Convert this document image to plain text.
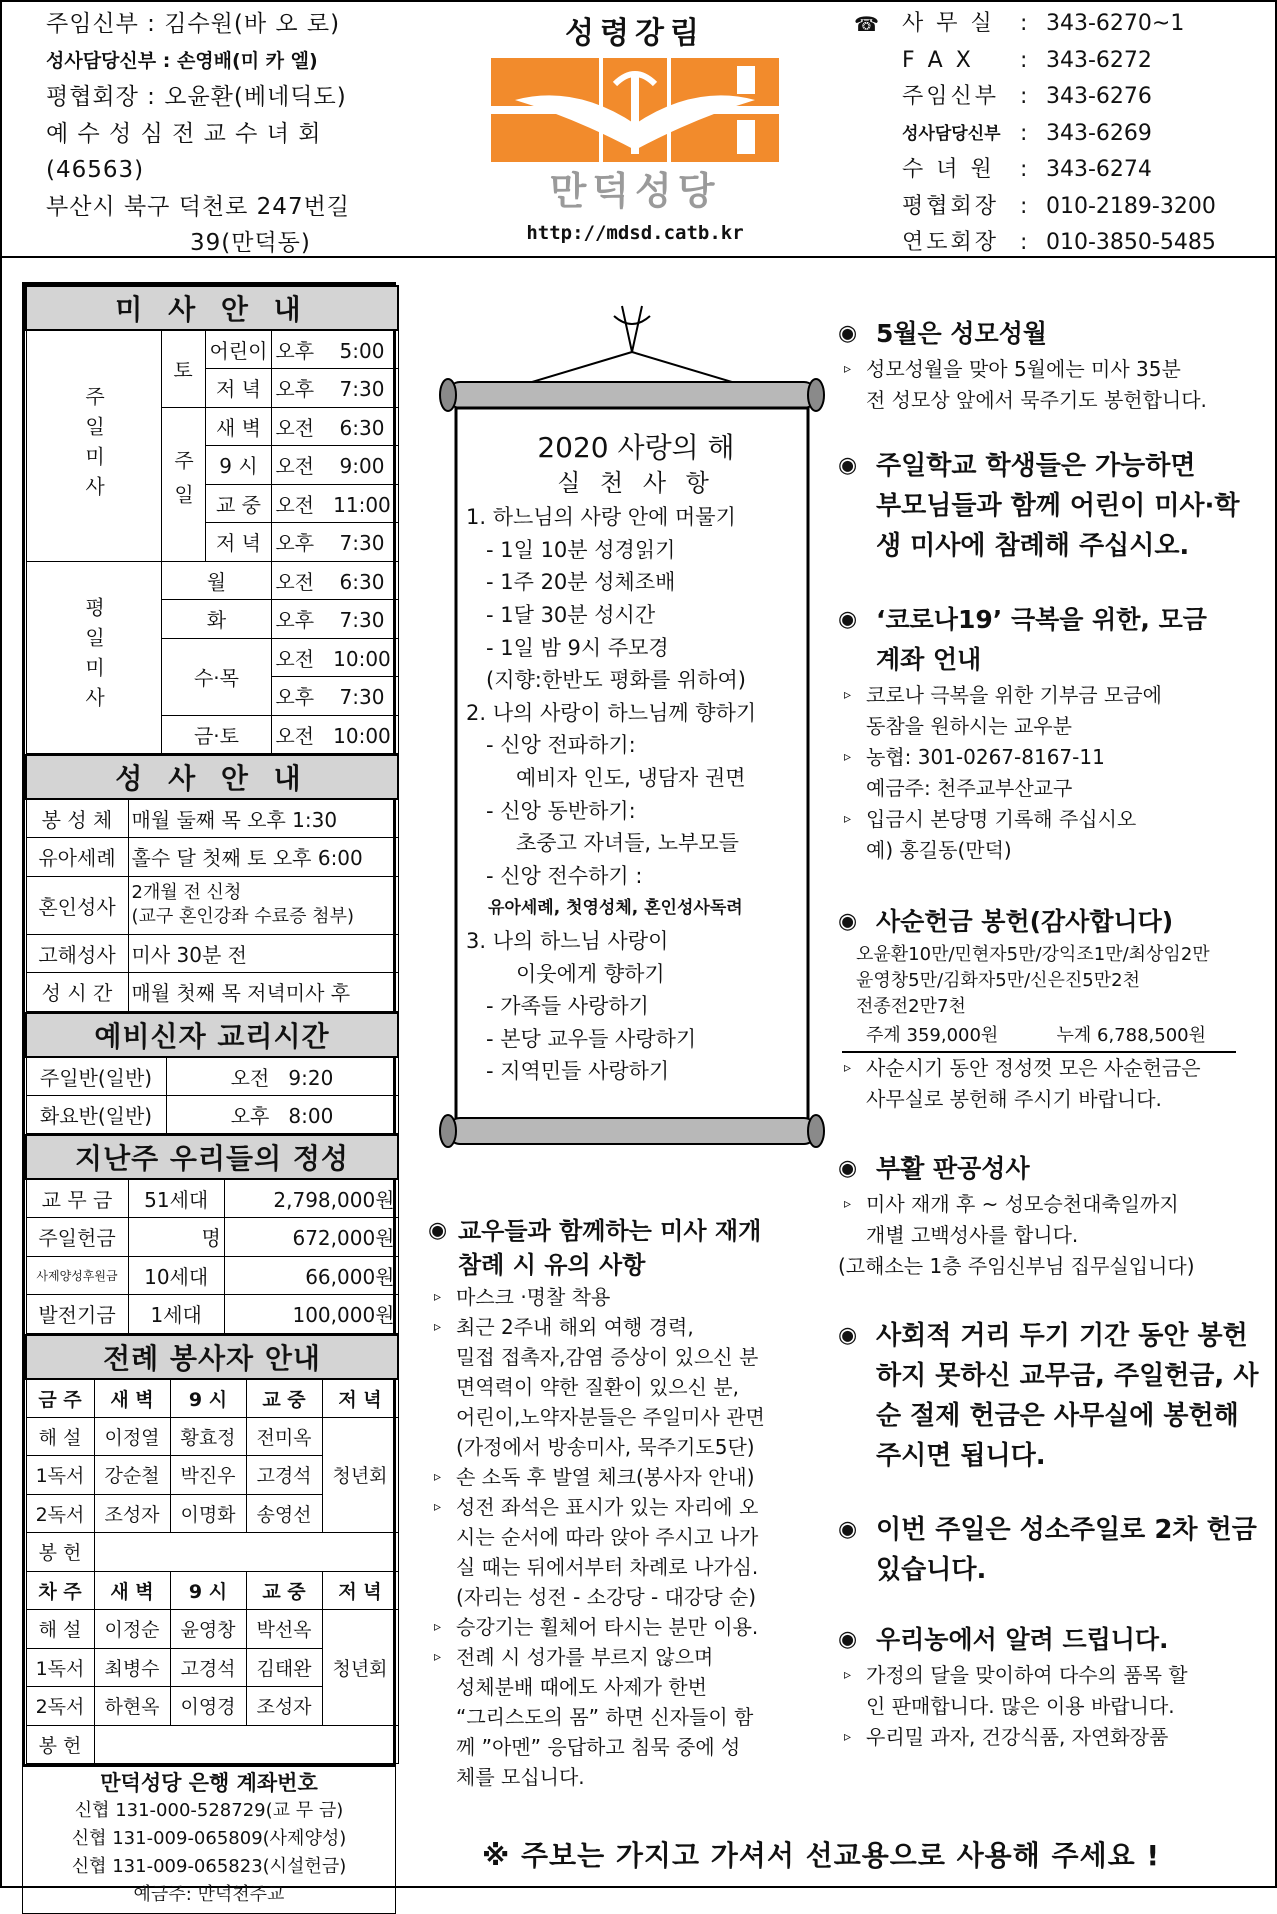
주임신부 : 김수원(바 오 로)
성사담당신부 : 손영배(미 카 엘)
평협회장 : 오윤환(베네딕도)
예 수 성 심 전 교 수 녀 회
(46563)
부산시 북구 덕천로 247번길
39(만덕동)
성령강림
만덕성당
http://mdsd.catb.kr
☎	사 무 실	: 343-6270~1
F A X	: 343-6272
주임신부 : 343-6276
성사담당신부 : 343-6269
수 녀 원	: 343-6274
평협회장 : 010-2189-3200
연도회장 : 010-3850-5485
미 사 안 내			
주일미사	토	어린이	오후 5:00
		저 녁	오후 7:30
	주일	새 벽	오전 6:30
		9 시	오전 9:00
		교 중	오전 11:00
		저 녁	오후 7:30
평일미사	월		오전 6:30
	화		오후 7:30
	수·목		오전 10:00
			오후 7:30
	금·토		오전 10:00
성 사 안 내	
봉 성 체	매월 둘째 목 오후 1:30
유아세례	홀수 달 첫째 토 오후 6:00
혼인성사	2개월 전 신청
(교구 혼인강좌 수료증 첨부)

고해성사	미사 30분 전
성 시 간	매월 첫째 목 저녁미사 후
예비신자 교리시간	
주일반(일반)	오전 9:20
화요반(일반)	오후 8:00
지난주 우리들의 정성		
교 무 금	51세대	2,798,000원
주일헌금	명	672,000원
사제양성후원금	10세대	66,000원
발전기금	1세대	100,000원
전례 봉사자 안내				
금 주	새 벽	9 시	교 중	저 녁
해 설	이정열	황효정	전미옥	청년회
1독서	강순철	박진우	고경석	
2독서	조성자	이명화	송영선	
봉 헌				
차 주	새 벽	9 시	교 중	저 녁
해 설	이정순	윤영창	박선옥	청년회
1독서	최병수	고경석	김태완	
2독서	하현옥	이영경	조성자	
봉 헌				
만덕성당 은행 계좌번호
신협 131-000-528729(교 무 금)
신협 131-009-065809(사제양성)
신협 131-009-065823(시설헌금)
예금주: 만덕천주교
2020 사랑의 해
실 천 사 항
1. 하느님의 사랑 안에 머물기
- 1일 10분 성경읽기
- 1주 20분 성체조배
- 1달 30분 성시간
- 1일 밤 9시 주모경
(지향:한반도 평화를 위하여)
2. 나의 사랑이 하느님께 향하기
- 신앙 전파하기:
예비자 인도, 냉담자 권면
- 신앙 동반하기:
초중고 자녀들, 노부모들
- 신앙 전수하기 :
유아세례, 첫영성체, 혼인성사독려
3. 나의 하느님 사랑이
이웃에게 향하기
- 가족들 사랑하기
- 본당 교우들 사랑하기
- 지역민들 사랑하기
◉ 교우들과 함께하는 미사 재개
참례 시 유의 사항
▹ 마스크 ·명찰 착용
▹ 최근 2주내 해외 여행 경력,
밀접 접촉자,감염 증상이 있으신 분
면역력이 약한 질환이 있으신 분,
어린이,노약자분들은 주일미사 관면
(가정에서 방송미사, 묵주기도5단)
▹ 손 소독 후 발열 체크(봉사자 안내)
▹ 성전 좌석은 표시가 있는 자리에 오
시는 순서에 따라 앉아 주시고 나가
실 때는 뒤에서부터 차례로 나가심.
(자리는 성전 - 소강당 - 대강당 순)
▹ 승강기는 휠체어 타시는 분만 이용.
▹ 전례 시 성가를 부르지 않으며
성체분배 때에도 사제가 한번
“그리스도의 몸” 하면 신자들이 함
께 ”아멘” 응답하고 침묵 중에 성
체를 모십니다.
◉ 5월은 성모성월
▹ 성모성월을 맞아 5월에는 미사 35분
전 성모상 앞에서 묵주기도 봉헌합니다.
◉ 주일학교 학생들은 가능하면
부모님들과 함께 어린이 미사·학
생 미사에 참례해 주십시오.
◉ ‘코로나19’ 극복을 위한, 모금
계좌 언내
▹ 코로나 극복을 위한 기부금 모금에
동참을 원하시는 교우분
▹ 농협: 301-0267-8167-11
예금주: 천주교부산교구
▹ 입금시 본당명 기록해 주십시오
예) 홍길동(만덕)
◉ 사순헌금 봉헌(감사합니다)
오윤환10만/민현자5만/강익조1만/최상임2만
윤영창5만/김화자5만/신은진5만2천
전종전2만7천
주계 359,000원	누계 6,788,500원
▹ 사순시기 동안 정성껏 모은 사순헌금은
사무실로 봉헌해 주시기 바랍니다.
◉ 부활 판공성사
▹ 미사 재개 후 ~ 성모승천대축일까지
개별 고백성사를 합니다.
(고해소는 1층 주임신부님 집무실입니다)
◉ 사회적 거리 두기 기간 동안 봉헌
하지 못하신 교무금, 주일헌금, 사
순 절제 헌금은 사무실에 봉헌해
주시면 됩니다.
◉ 이번 주일은 성소주일로 2차 헌금
있습니다.
◉ 우리농에서 알려 드립니다.
▹ 가정의 달을 맞이하여 다수의 품목 할
인 판매합니다. 많은 이용 바랍니다.
▹ 우리밀 과자, 건강식품, 자연화장품
※ 주보는 가지고 가셔서 선교용으로 사용해 주세요 !
